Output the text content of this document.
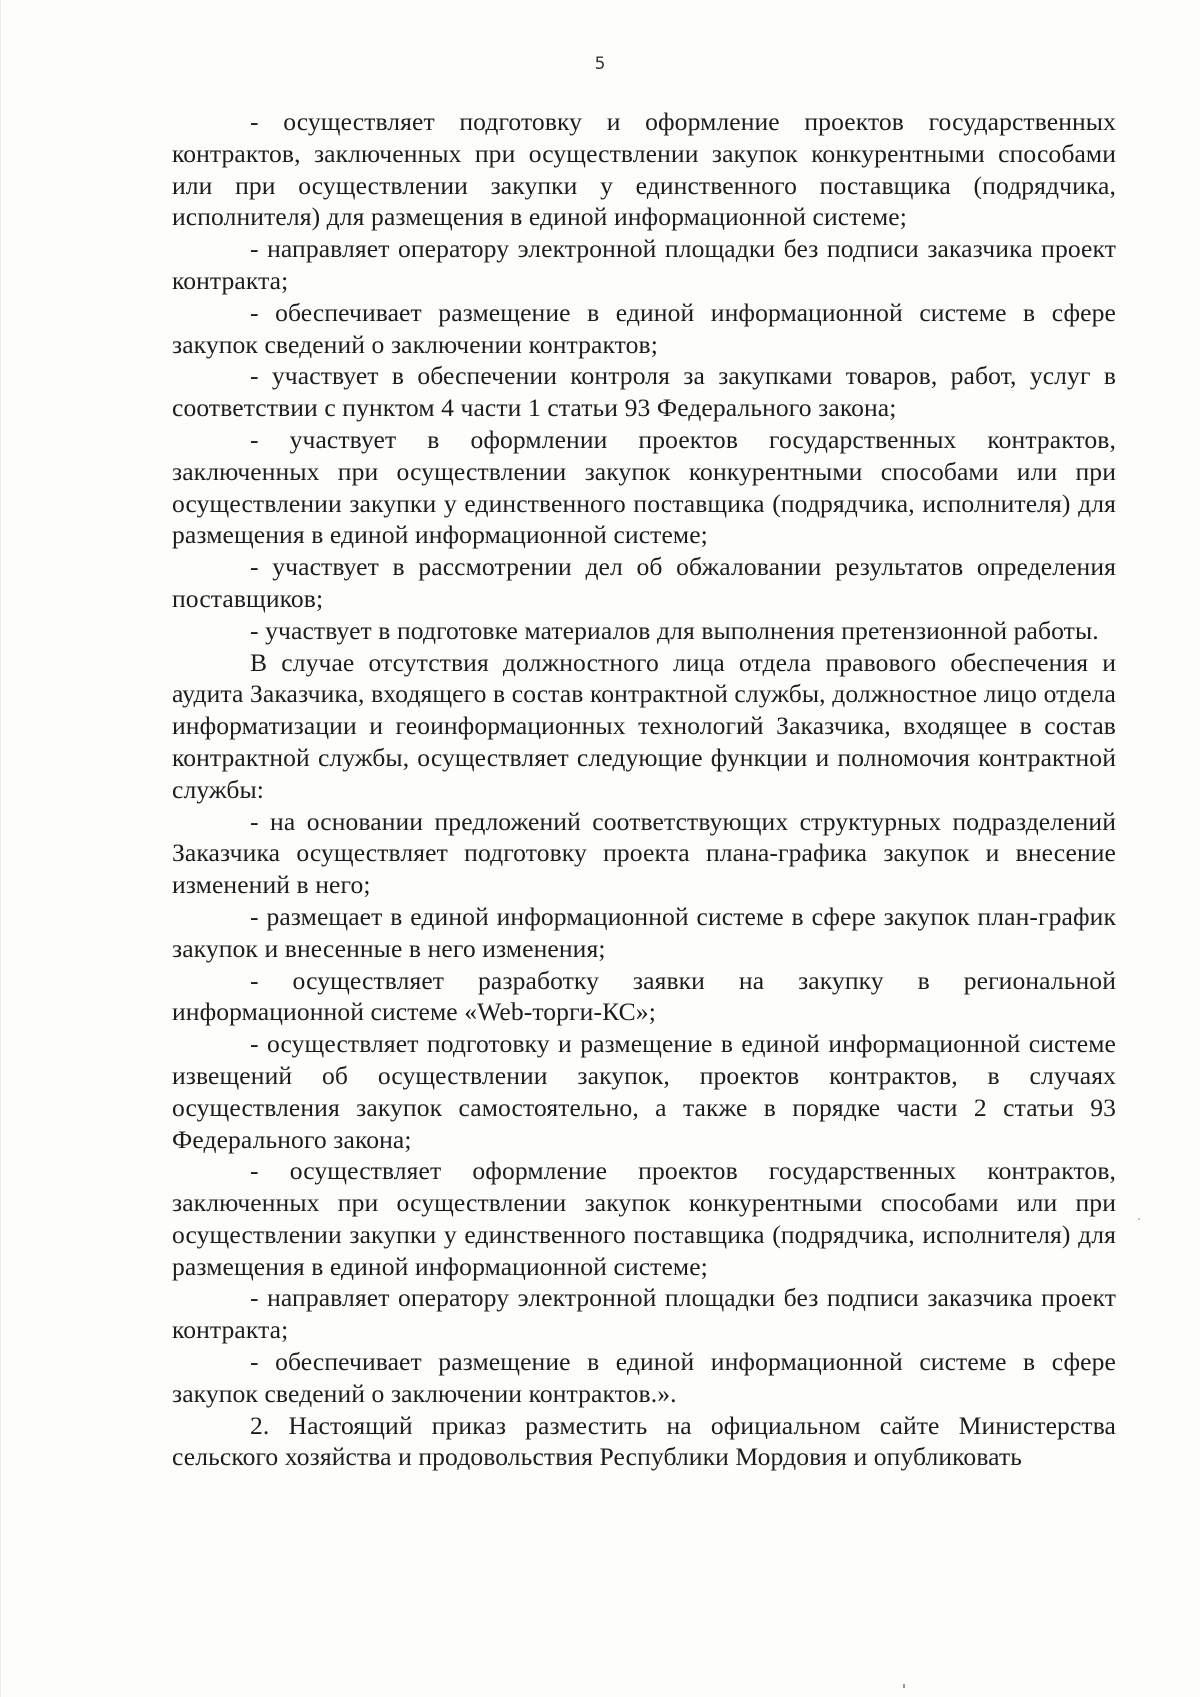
5

- осуществляет подготовку и оформление проектов государственных контрактов, заключенных при осуществлении закупок конкурентными способами или при осуществлении закупки у единственного поставщика (подрядчика, исполнителя) для размещения в единой информационной системе;

- направляет оператору электронной площадки без подписи заказчика проект контракта;

- обеспечивает размещение в единой информационной системе в сфере закупок сведений о заключении контрактов;

- участвует в обеспечении контроля за закупками товаров, работ, услуг в соответствии с пунктом 4 части 1 статьи 93 Федерального закона;

- участвует в оформлении проектов государственных контрактов, заключенных при осуществлении закупок конкурентными способами или при осуществлении закупки у единственного поставщика (подрядчика, исполнителя) для размещения в единой информационной системе;

- участвует в рассмотрении дел об обжаловании результатов определения поставщиков;

- участвует в подготовке материалов для выполнения претензионной работы.

В случае отсутствия должностного лица отдела правового обеспечения и аудита Заказчика, входящего в состав контрактной службы, должностное лицо отдела информатизации и геоинформационных технологий Заказчика, входящее в состав контрактной службы, осуществляет следующие функции и полномочия контрактной службы:

- на основании предложений соответствующих структурных подразделений Заказчика осуществляет подготовку проекта плана-графика закупок и внесение изменений в него;

- размещает в единой информационной системе в сфере закупок план-график закупок и внесенные в него изменения;

- осуществляет разработку заявки на закупку в региональной информационной системе «Web-торги-КС»;

- осуществляет подготовку и размещение в единой информационной системе извещений об осуществлении закупок, проектов контрактов, в случаях осуществления закупок самостоятельно, а также в порядке части 2 статьи 93 Федерального закона;

- осуществляет оформление проектов государственных контрактов, заключенных при осуществлении закупок конкурентными способами или при осуществлении закупки у единственного поставщика (подрядчика, исполнителя) для размещения в единой информационной системе;

- направляет оператору электронной площадки без подписи заказчика проект контракта;

- обеспечивает размещение в единой информационной системе в сфере закупок сведений о заключении контрактов.».

2. Настоящий приказ разместить на официальном сайте Министерства сельского хозяйства и продовольствия Республики Мордовия и опубликовать
